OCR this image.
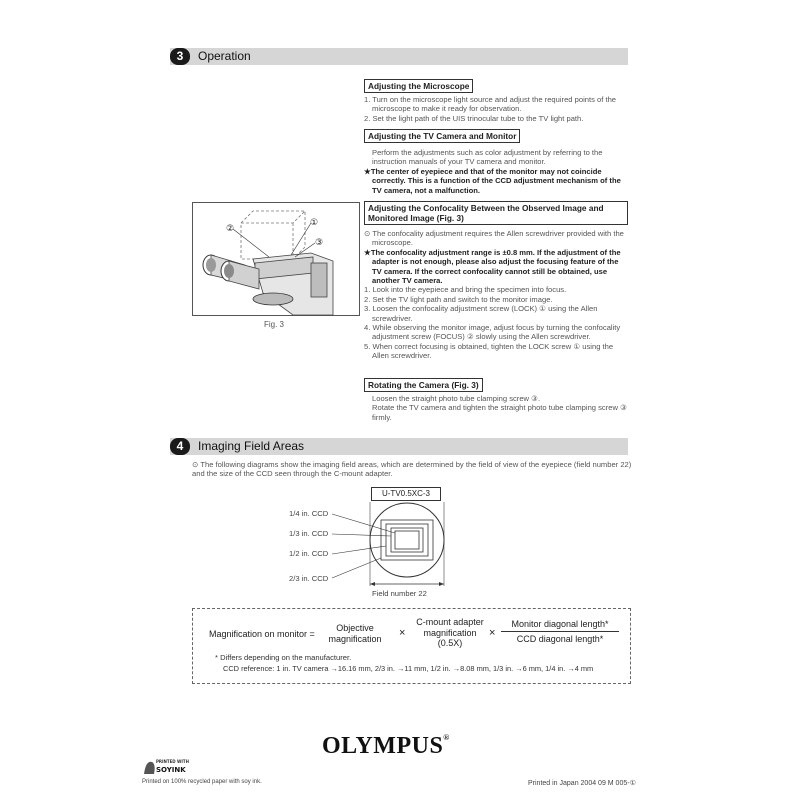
3	Operation
Adjusting the Microscope

1. Turn on the microscope light source and adjust the required points of the microscope to make it ready for observation.

2. Set the light path of the UIS trinocular tube to the TV light path.

Adjusting the TV Camera and Monitor

Perform the adjustments such as color adjustment by referring to the instruction manuals of your TV camera and monitor.

★The center of eyepiece and that of the monitor may not coincide correctly. This is a function of the CCD adjustment mechanism of the TV camera, not a malfunction.

Adjusting the Confocality Between the Observed Image and Monitored Image (Fig. 3)

⊙ The confocality adjustment requires the Allen screwdriver provided with the microscope.

★The confocality adjustment range is ±0.8 mm. If the adjustment of the adapter is not enough, please also adjust the focusing feature of the TV camera. If the correct confocality cannot still be obtained, use another TV camera.

1. Look into the eyepiece and bring the specimen into focus.

2. Set the TV light path and switch to the monitor image.

3. Loosen the confocality adjustment screw (LOCK) ① using the Allen screwdriver.

4. While observing the monitor image, adjust focus by turning the confocality adjustment screw (FOCUS) ② slowly using the Allen screwdriver.

5. When correct focusing is obtained, tighten the LOCK screw ① using the Allen screwdriver.

Rotating the Camera (Fig. 3)

Loosen the straight photo tube clamping screw ③.

Rotate the TV camera and tighten the straight photo tube clamping screw ③ firmly.

②
①
③
Fig. 3
4	Imaging Field Areas
⊙ The following diagrams show the imaging field areas, which are determined by the field of view of the eyepiece (field number 22) and the size of the CCD seen through the C-mount adapter.
U-TV0.5XC-3
1/4 in. CCD
1/3 in. CCD
1/2 in. CCD
2/3 in. CCD
Field number 22
Magnification on monitor =
Objective
magnification	×
C-mount adapter
magnification
(0.5X)
×
Monitor diagonal length*
CCD diagonal length*
* Differs depending on the manufacturer.
CCD reference: 1 in. TV camera →16.16 mm, 2/3 in. →11 mm, 1/2 in. →8.08 mm, 1/3 in. →6 mm, 1/4 in. →4 mm
OLYMPUS®
PRINTED WITH
SOYINK
Printed on 100% recycled paper with soy ink.	Printed in Japan 2004 09 M 005-①
